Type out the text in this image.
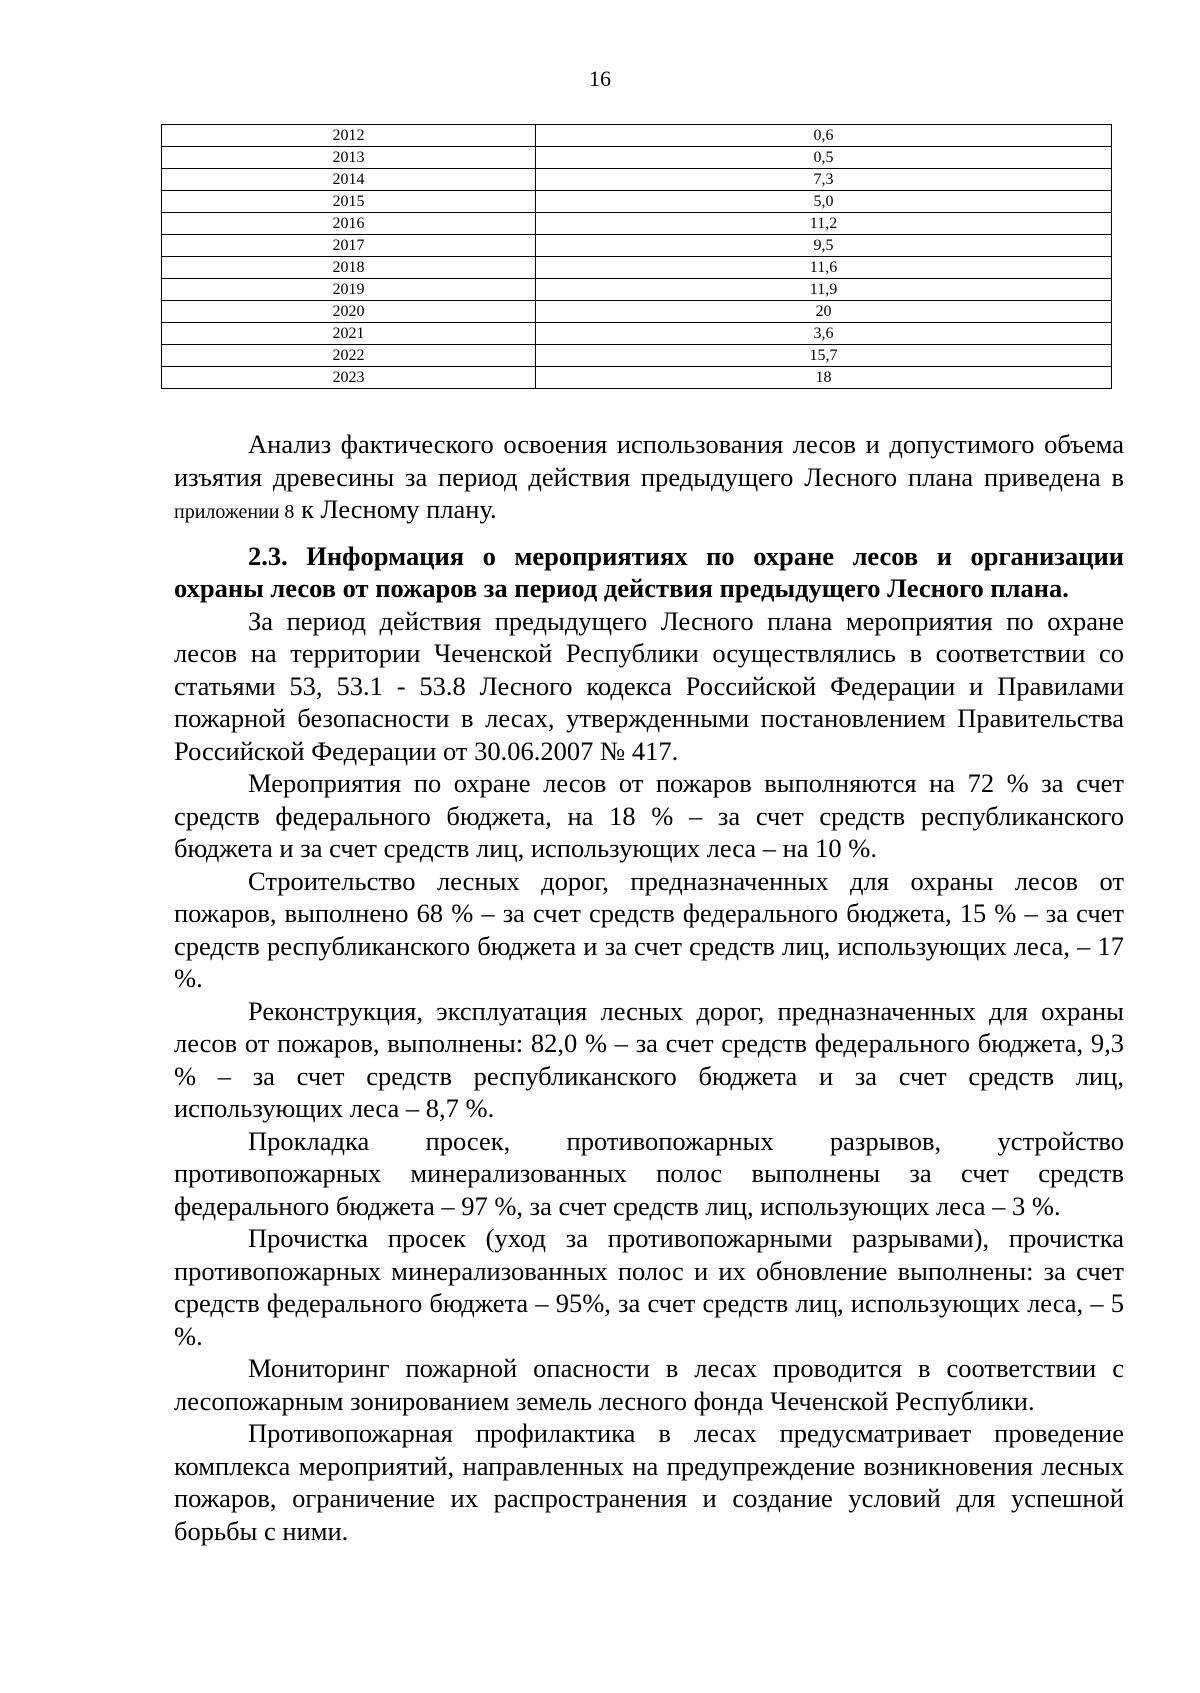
16
2012	0,6
2013	0,5
2014	7,3
2015	5,0
2016	11,2
2017	9,5
2018	11,6
2019	11,9
2020	20
2021	3,6
2022	15,7
2023	18

Анализ фактического освоения использования лесов и допустимого объема изъятия древесины за период действия предыдущего Лесного плана приведена в приложении 8 к Лесному плану.

2.3. Информация о мероприятиях по охране лесов и организации охраны лесов от пожаров за период действия предыдущего Лесного плана.

За период действия предыдущего Лесного плана мероприятия по охране лесов на территории Чеченской Республики осуществлялись в соответствии со статьями 53, 53.1 - 53.8 Лесного кодекса Российской Федерации и Правилами пожарной безопасности в лесах, утвержденными постановлением Правительства Российской Федерации от 30.06.2007 № 417.

Мероприятия по охране лесов от пожаров выполняются на 72 % за счет средств федерального бюджета, на 18 % – за счет средств республиканского бюджета и за счет средств лиц, использующих леса – на 10 %.

Строительство лесных дорог, предназначенных для охраны лесов от пожаров, выполнено 68 % – за счет средств федерального бюджета, 15 % – за счет средств республиканского бюджета и за счет средств лиц, использующих леса, – 17 %.

Реконструкция, эксплуатация лесных дорог, предназначенных для охраны лесов от пожаров, выполнены: 82,0 % – за счет средств федерального бюджета, 9,3 % – за счет средств республиканского бюджета и за счет средств лиц, использующих леса – 8,7 %.

Прокладка просек, противопожарных разрывов, устройство противопожарных минерализованных полос выполнены за счет средств федерального бюджета – 97 %, за счет средств лиц, использующих леса – 3 %.

Прочистка просек (уход за противопожарными разрывами), прочистка противопожарных минерализованных полос и их обновление выполнены: за счет средств федерального бюджета – 95%, за счет средств лиц, использующих леса, – 5 %.

Мониторинг пожарной опасности в лесах проводится в соответствии с лесопожарным зонированием земель лесного фонда Чеченской Республики.

Противопожарная профилактика в лесах предусматривает проведение комплекса мероприятий, направленных на предупреждение возникновения лесных пожаров, ограничение их распространения и создание условий для успешной борьбы с ними.
